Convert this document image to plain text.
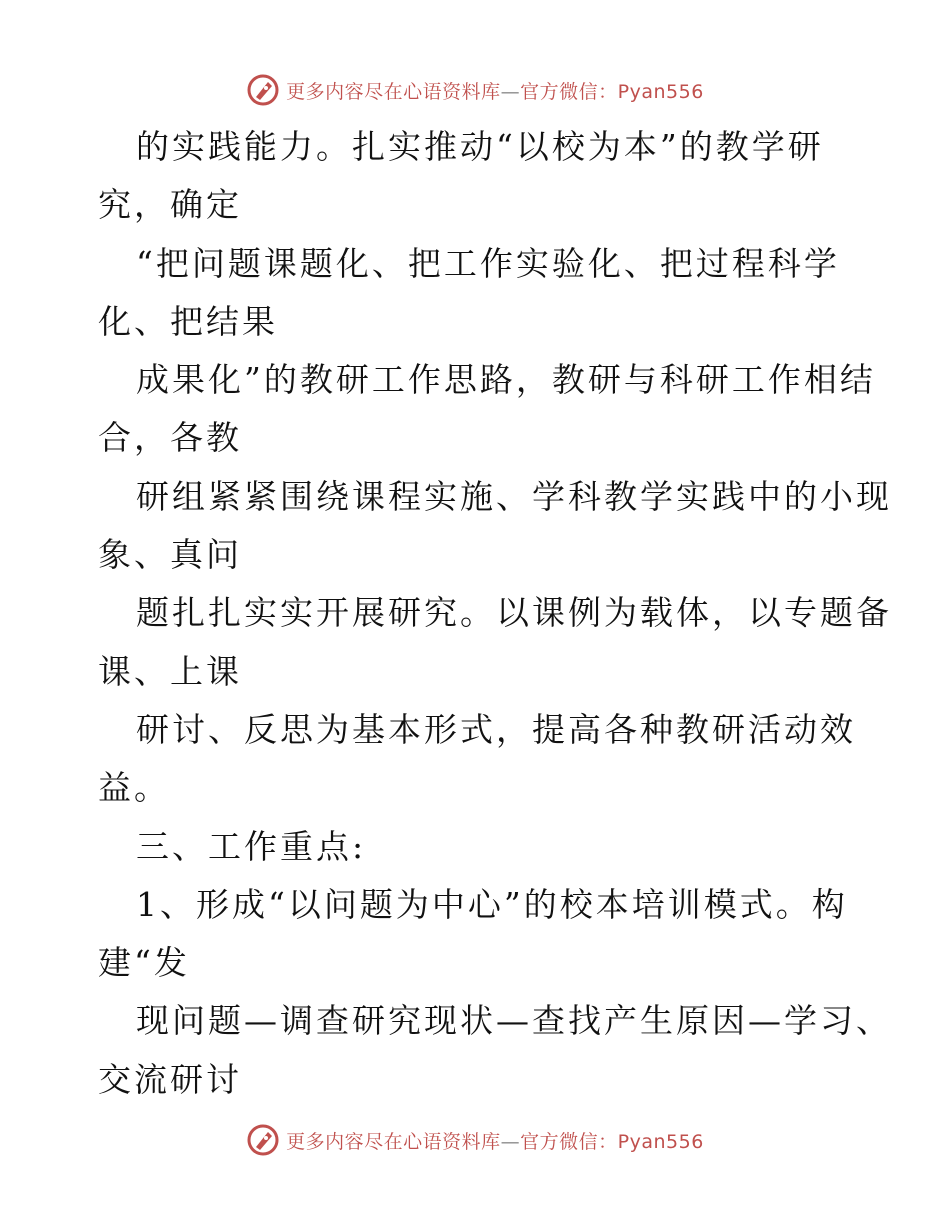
更多内容尽在心语资料库—官方微信：Pyan556
的实践能力。扎实推动“以校为本”的教学研
究，确定
“把问题课题化、把工作实验化、把过程科学
化、把结果
成果化”的教研工作思路，教研与科研工作相结
合，各教
研组紧紧围绕课程实施、学科教学实践中的小现
象、真问
题扎扎实实开展研究。以课例为载体，以专题备
课、上课
研讨、反思为基本形式，提高各种教研活动效
益。
三、工作重点:
1、形成“以问题为中心”的校本培训模式。构
建“发
现问题—调查研究现状—查找产生原因—学习、
交流研讨
更多内容尽在心语资料库—官方微信：Pyan556
